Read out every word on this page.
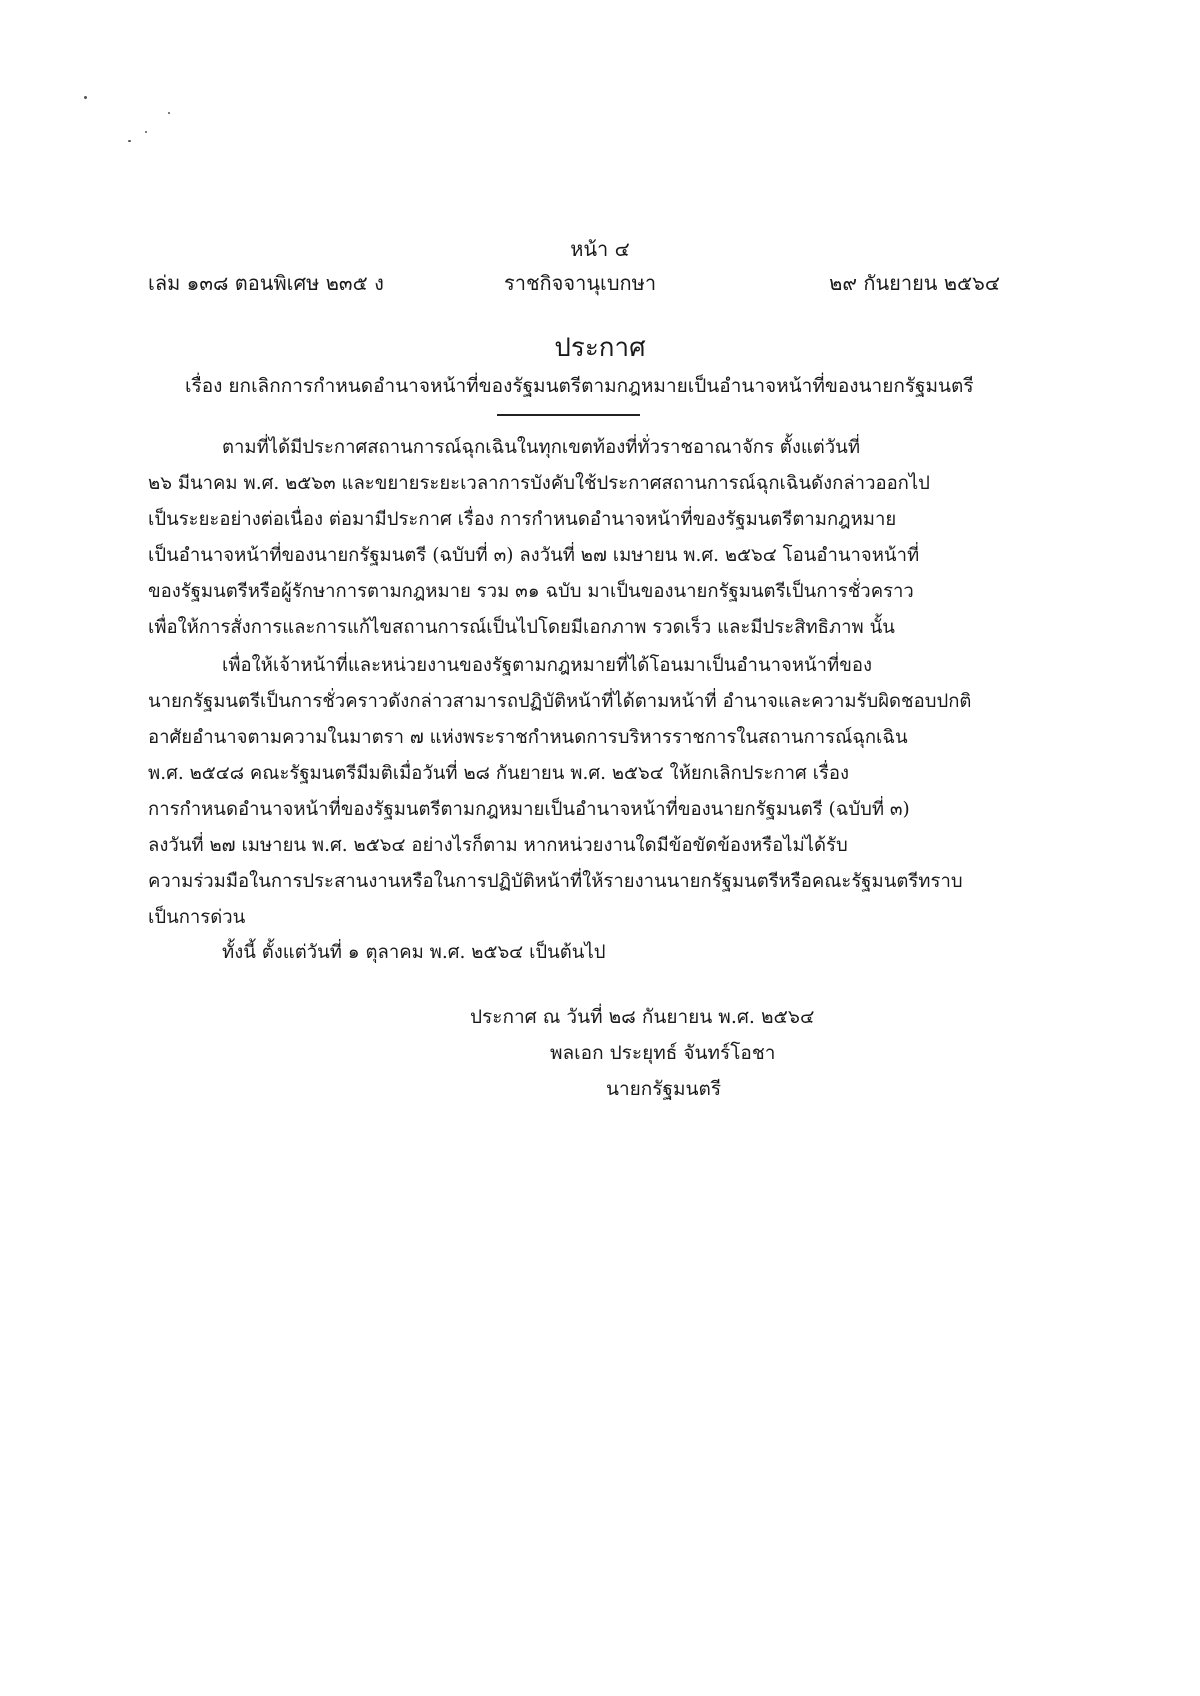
หน้า ๔
เล่ม ๑๓๘ ตอนพิเศษ ๒๓๕ ง	ราชกิจจานุเบกษา	๒๙ กันยายน ๒๕๖๔
ประกาศ
เรื่อง ยกเลิกการกำหนดอำนาจหน้าที่ของรัฐมนตรีตามกฎหมายเป็นอำนาจหน้าที่ของนายกรัฐมนตรี
ตามที่ได้มีประกาศสถานการณ์ฉุกเฉินในทุกเขตท้องที่ทั่วราชอาณาจักร ตั้งแต่วันที่
๒๖ มีนาคม พ.ศ. ๒๕๖๓ และขยายระยะเวลาการบังคับใช้ประกาศสถานการณ์ฉุกเฉินดังกล่าวออกไป
เป็นระยะอย่างต่อเนื่อง ต่อมามีประกาศ เรื่อง การกำหนดอำนาจหน้าที่ของรัฐมนตรีตามกฎหมาย
เป็นอำนาจหน้าที่ของนายกรัฐมนตรี (ฉบับที่ ๓) ลงวันที่ ๒๗ เมษายน พ.ศ. ๒๕๖๔ โอนอำนาจหน้าที่
ของรัฐมนตรีหรือผู้รักษาการตามกฎหมาย รวม ๓๑ ฉบับ มาเป็นของนายกรัฐมนตรีเป็นการชั่วคราว
เพื่อให้การสั่งการและการแก้ไขสถานการณ์เป็นไปโดยมีเอกภาพ รวดเร็ว และมีประสิทธิภาพ นั้น
เพื่อให้เจ้าหน้าที่และหน่วยงานของรัฐตามกฎหมายที่ได้โอนมาเป็นอำนาจหน้าที่ของ
นายกรัฐมนตรีเป็นการชั่วคราวดังกล่าวสามารถปฏิบัติหน้าที่ได้ตามหน้าที่ อำนาจและความรับผิดชอบปกติ
อาศัยอำนาจตามความในมาตรา ๗ แห่งพระราชกำหนดการบริหารราชการในสถานการณ์ฉุกเฉิน
พ.ศ. ๒๕๔๘ คณะรัฐมนตรีมีมติเมื่อวันที่ ๒๘ กันยายน พ.ศ. ๒๕๖๔ ให้ยกเลิกประกาศ เรื่อง
การกำหนดอำนาจหน้าที่ของรัฐมนตรีตามกฎหมายเป็นอำนาจหน้าที่ของนายกรัฐมนตรี (ฉบับที่ ๓)
ลงวันที่ ๒๗ เมษายน พ.ศ. ๒๕๖๔ อย่างไรก็ตาม หากหน่วยงานใดมีข้อขัดข้องหรือไม่ได้รับ
ความร่วมมือในการประสานงานหรือในการปฏิบัติหน้าที่ให้รายงานนายกรัฐมนตรีหรือคณะรัฐมนตรีทราบ
เป็นการด่วน
ทั้งนี้ ตั้งแต่วันที่ ๑ ตุลาคม พ.ศ. ๒๕๖๔ เป็นต้นไป
ประกาศ ณ วันที่ ๒๘ กันยายน พ.ศ. ๒๕๖๔
พลเอก ประยุทธ์ จันทร์โอชา
นายกรัฐมนตรี
